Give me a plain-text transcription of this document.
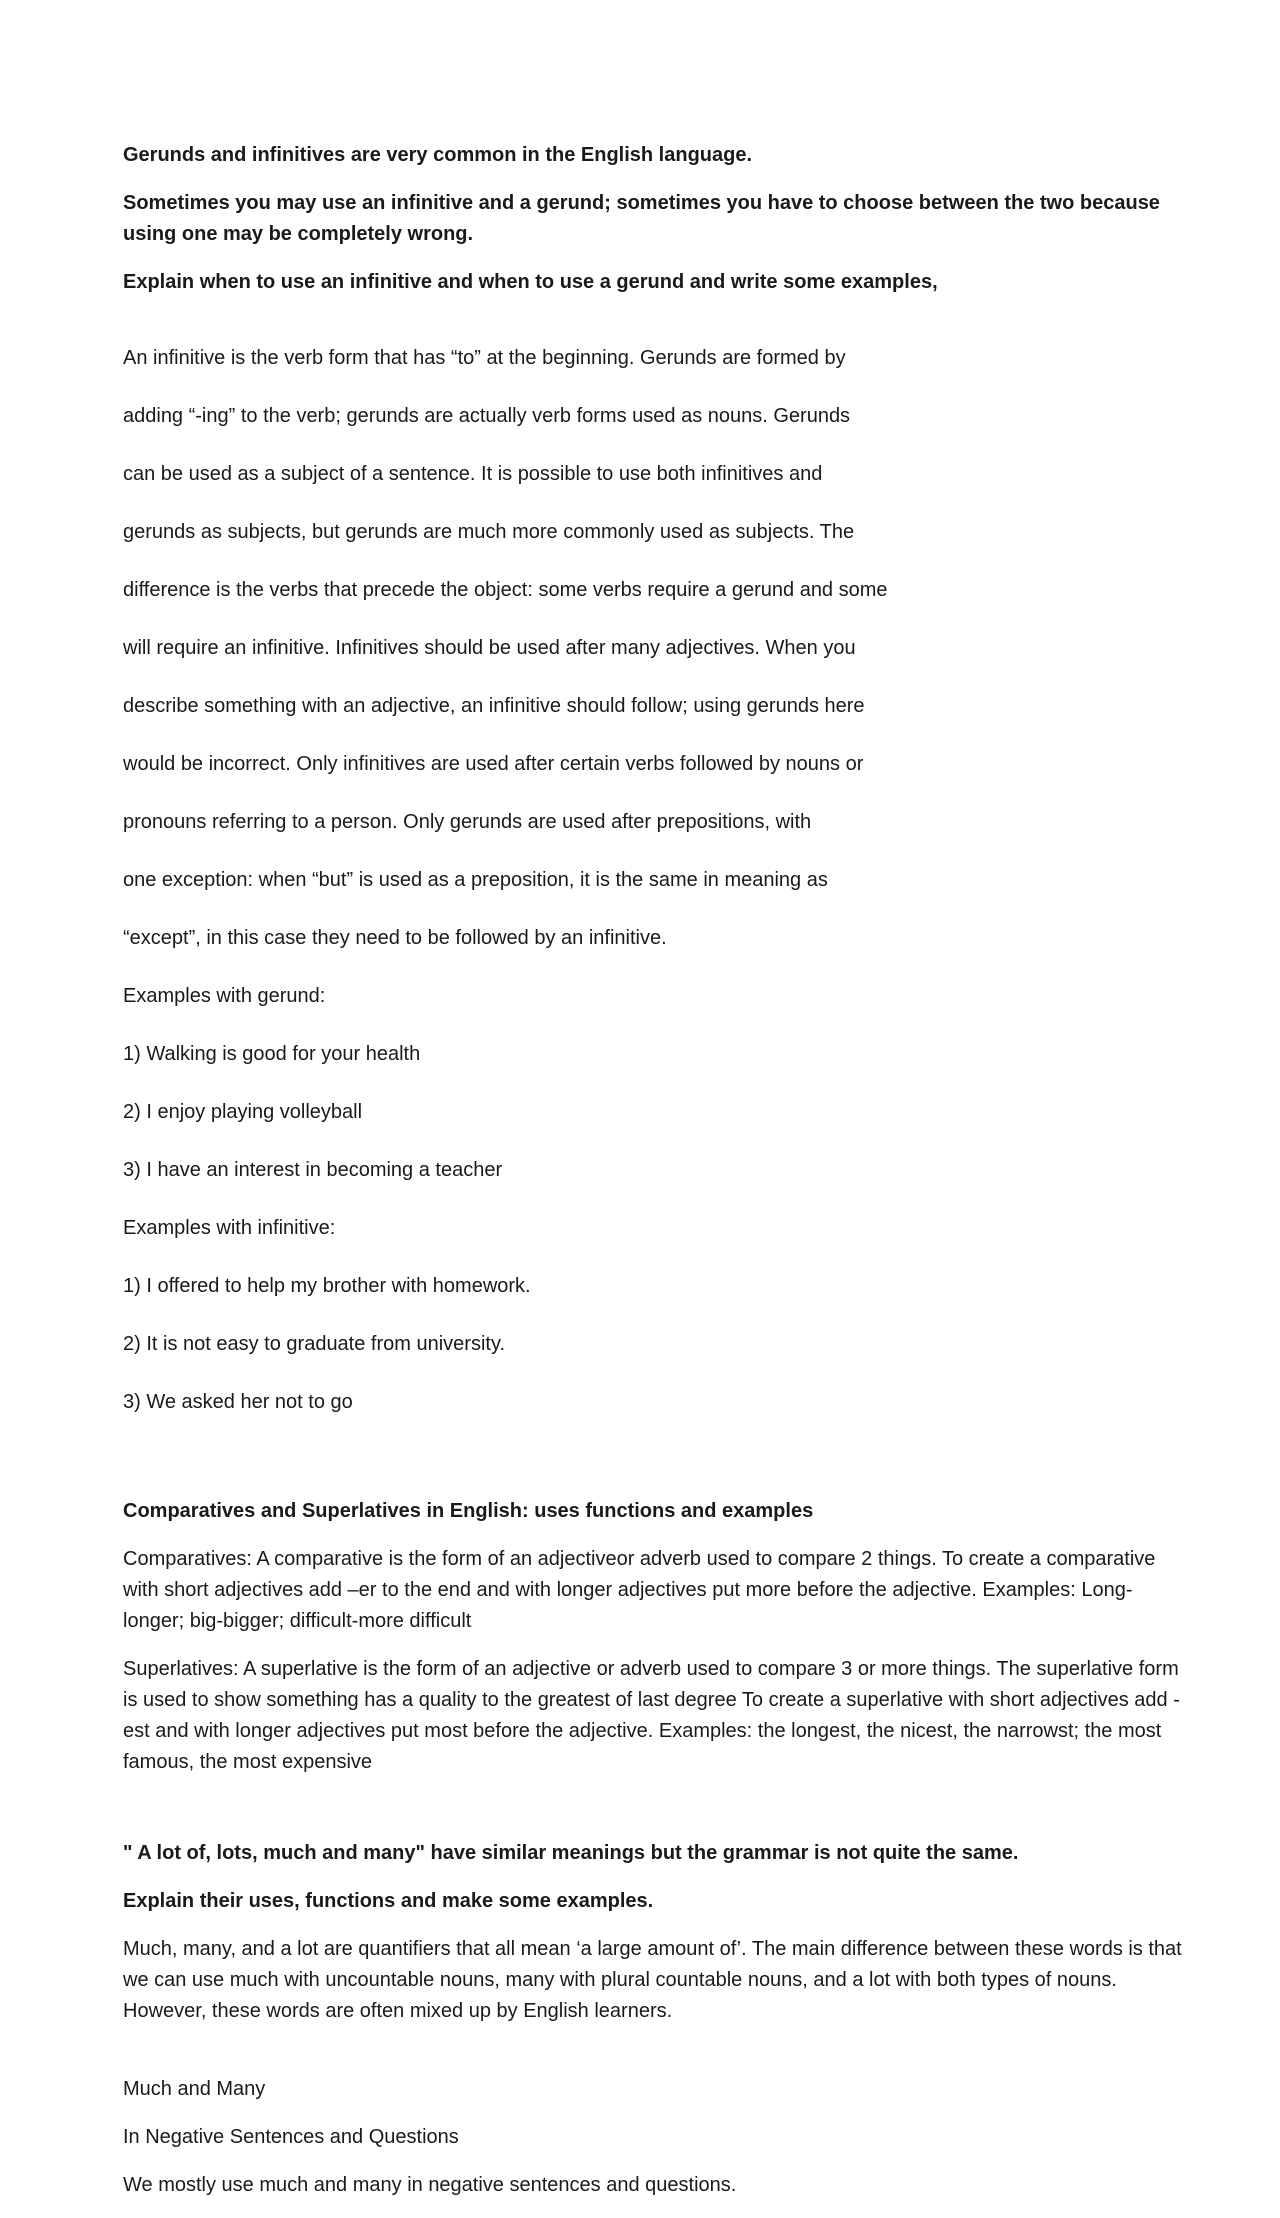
Gerunds and infinitives are very common in the English language.

Sometimes you may use an infinitive and a gerund; sometimes you have to choose between the two because using one may be completely wrong.

Explain when to use an infinitive and when to use a gerund and write some examples,

An infinitive is the verb form that has “to” at the beginning. Gerunds are formed by

adding “-ing” to the verb; gerunds are actually verb forms used as nouns. Gerunds

can be used as a subject of a sentence. It is possible to use both infinitives and

gerunds as subjects, but gerunds are much more commonly used as subjects. The

difference is the verbs that precede the object: some verbs require a gerund and some

will require an infinitive. Infinitives should be used after many adjectives. When you

describe something with an adjective, an infinitive should follow; using gerunds here

would be incorrect. Only infinitives are used after certain verbs followed by nouns or

pronouns referring to a person. Only gerunds are used after prepositions, with

one exception: when “but” is used as a preposition, it is the same in meaning as

“except”, in this case they need to be followed by an infinitive.

Examples with gerund:

1) Walking is good for your health

2) I enjoy playing volleyball

3) I have an interest in becoming a teacher

Examples with infinitive:

1) I offered to help my brother with homework.

2) It is not easy to graduate from university.

3) We asked her not to go

Comparatives and Superlatives in English: uses functions and examples

Comparatives: A comparative is the form of an adjectiveor adverb used to compare 2 things. To create a comparative with short adjectives add –er to the end and with longer adjectives put more before the adjective. Examples: Long-longer; big-bigger; difficult-more difficult

Superlatives: A superlative is the form of an adjective or adverb used to compare 3 or more things. The superlative form is used to show something has a quality to the greatest of last degree To create a superlative with short adjectives add -est and with longer adjectives put most before the adjective. Examples: the longest, the nicest, the narrowst; the most famous, the most expensive

" A lot of, lots, much and many" have similar meanings but the grammar is not quite the same.

Explain their uses, functions and make some examples.

Much, many, and a lot are quantifiers that all mean ‘a large amount of’. The main difference between these words is that we can use much with uncountable nouns, many with plural countable nouns, and a lot with both types of nouns. However, these words are often mixed up by English learners.

Much and Many

In Negative Sentences and Questions

We mostly use much and many in negative sentences and questions.
